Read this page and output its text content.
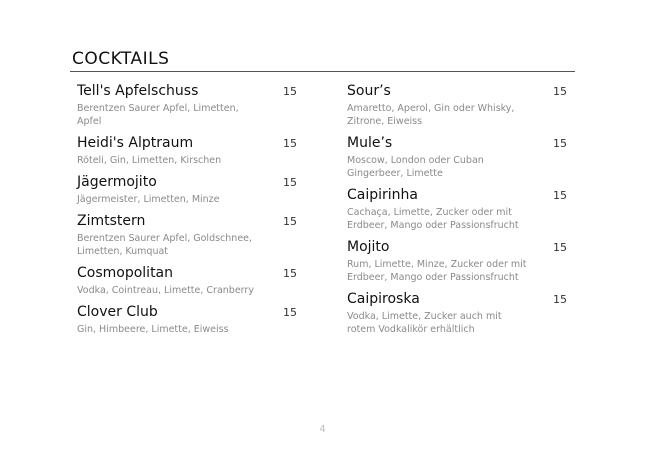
COCKTAILS
Tell's Apfelschuss	15
Berentzen Saurer Apfel, Limetten, Apfel
Heidi's Alptraum	15
Röteli, Gin, Limetten, Kirschen
Jägermojito	15
Jägermeister, Limetten, Minze
Zimtstern	15
Berentzen Saurer Apfel, Goldschnee, Limetten, Kumquat
Cosmopolitan	15
Vodka, Cointreau, Limette, Cranberry
Clover Club	15
Gin, Himbeere, Limette, Eiweiss
Sour’s	15
Amaretto, Aperol, Gin oder Whisky, Zitrone, Eiweiss
Mule’s	15
Moscow, London oder Cuban Gingerbeer, Limette
Caipirinha	15
Cachaça, Limette, Zucker oder mit Erdbeer, Mango oder Passionsfrucht
Mojito	15
Rum, Limette, Minze, Zucker oder mit Erdbeer, Mango oder Passionsfrucht
Caipiroska	15
Vodka, Limette, Zucker auch mit rotem Vodkalikör erhältlich
4
